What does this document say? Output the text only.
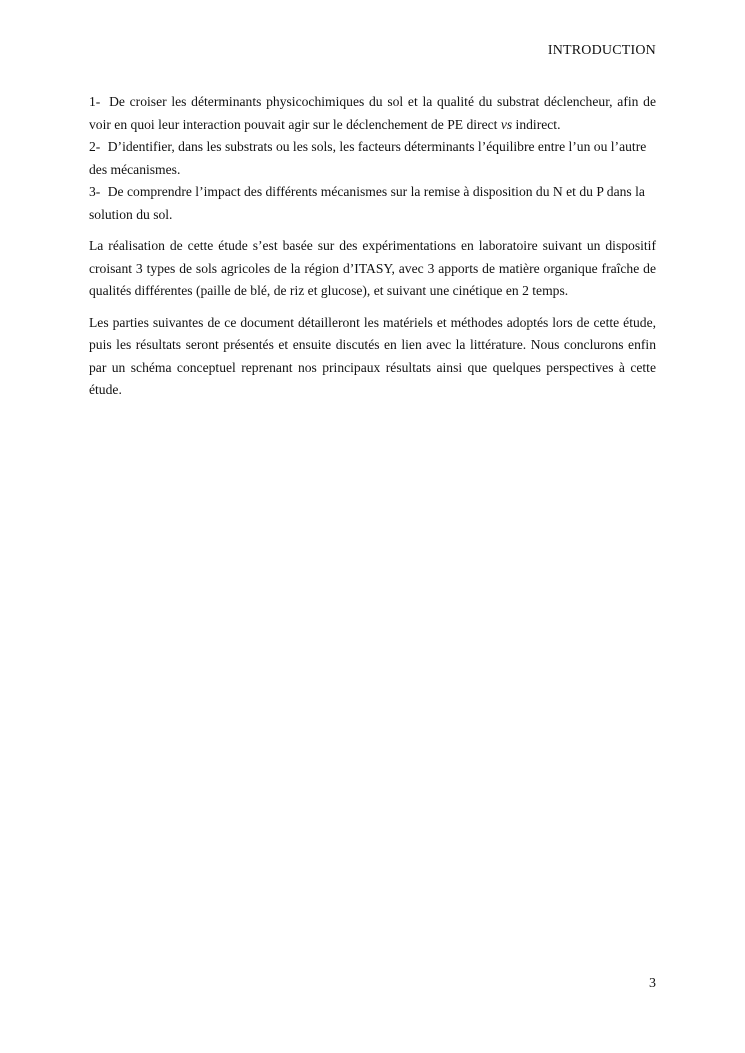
INTRODUCTION

1- De croiser les déterminants physicochimiques du sol et la qualité du substrat déclencheur, afin de voir en quoi leur interaction pouvait agir sur le déclenchement de PE direct vs indirect.

2- D’identifier, dans les substrats ou les sols, les facteurs déterminants l’équilibre entre l’un ou l’autre des mécanismes.

3- De comprendre l’impact des différents mécanismes sur la remise à disposition du N et du P dans la solution du sol.

La réalisation de cette étude s’est basée sur des expérimentations en laboratoire suivant un dispositif croisant 3 types de sols agricoles de la région d’ITASY, avec 3 apports de matière organique fraîche de qualités différentes (paille de blé, de riz et glucose), et suivant une cinétique en 2 temps.

Les parties suivantes de ce document détailleront les matériels et méthodes adoptés lors de cette étude, puis les résultats seront présentés et ensuite discutés en lien avec la littérature. Nous conclurons enfin par un schéma conceptuel reprenant nos principaux résultats ainsi que quelques perspectives à cette étude.

3
